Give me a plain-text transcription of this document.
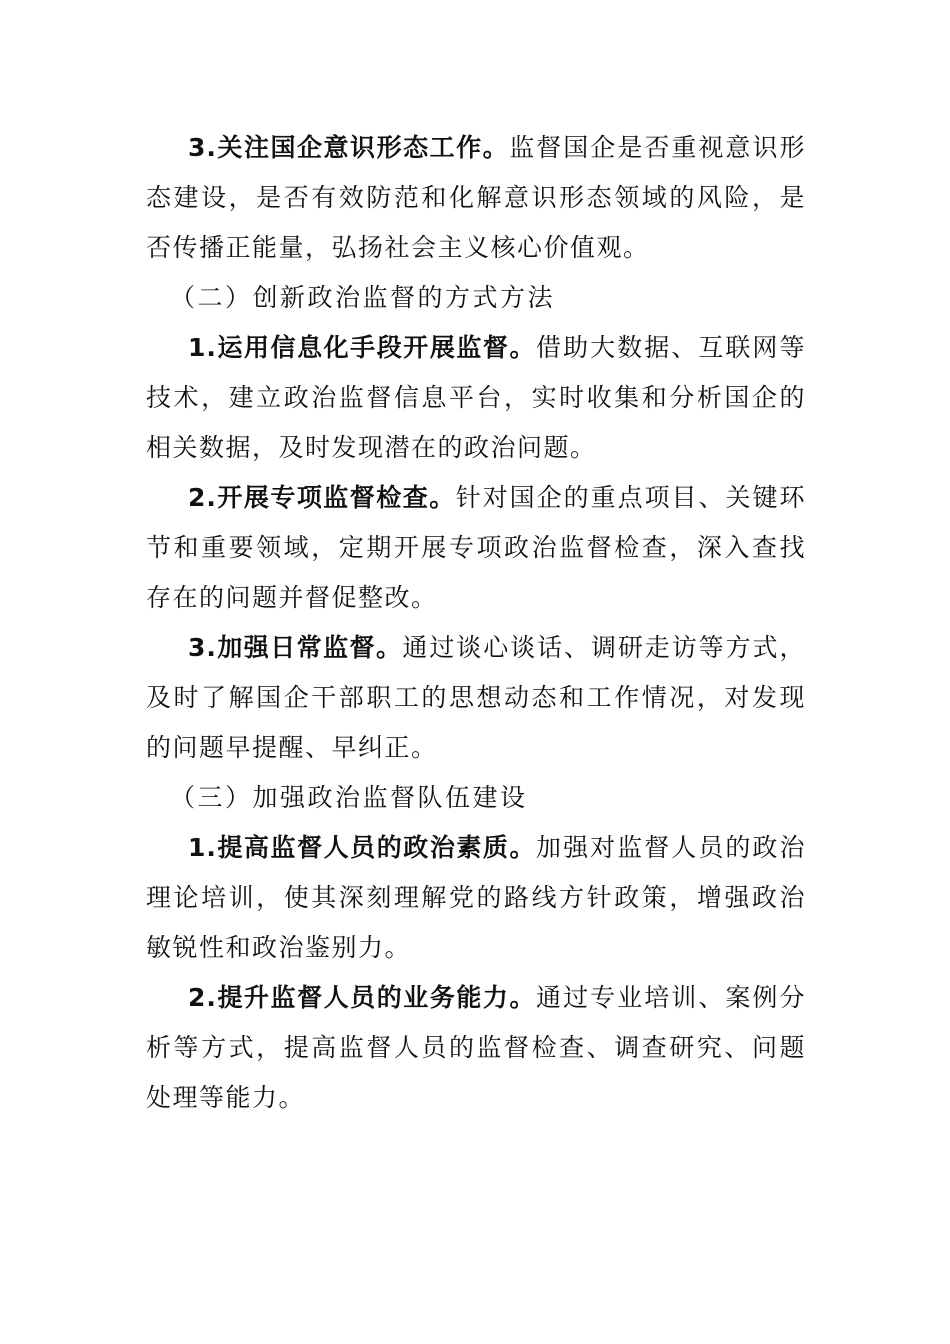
3.关注国企意识形态工作。监督国企是否重视意识形态建设，是否有效防范和化解意识形态领域的风险，是否传播正能量，弘扬社会主义核心价值观。

（二）创新政治监督的方式方法

1.运用信息化手段开展监督。借助大数据、互联网等技术，建立政治监督信息平台，实时收集和分析国企的相关数据，及时发现潜在的政治问题。

2.开展专项监督检查。针对国企的重点项目、关键环节和重要领域，定期开展专项政治监督检查，深入查找存在的问题并督促整改。

3.加强日常监督。通过谈心谈话、调研走访等方式，及时了解国企干部职工的思想动态和工作情况，对发现的问题早提醒、早纠正。

（三）加强政治监督队伍建设

1.提高监督人员的政治素质。加强对监督人员的政治理论培训，使其深刻理解党的路线方针政策，增强政治敏锐性和政治鉴别力。

2.提升监督人员的业务能力。通过专业培训、案例分析等方式，提高监督人员的监督检查、调查研究、问题处理等能力。
